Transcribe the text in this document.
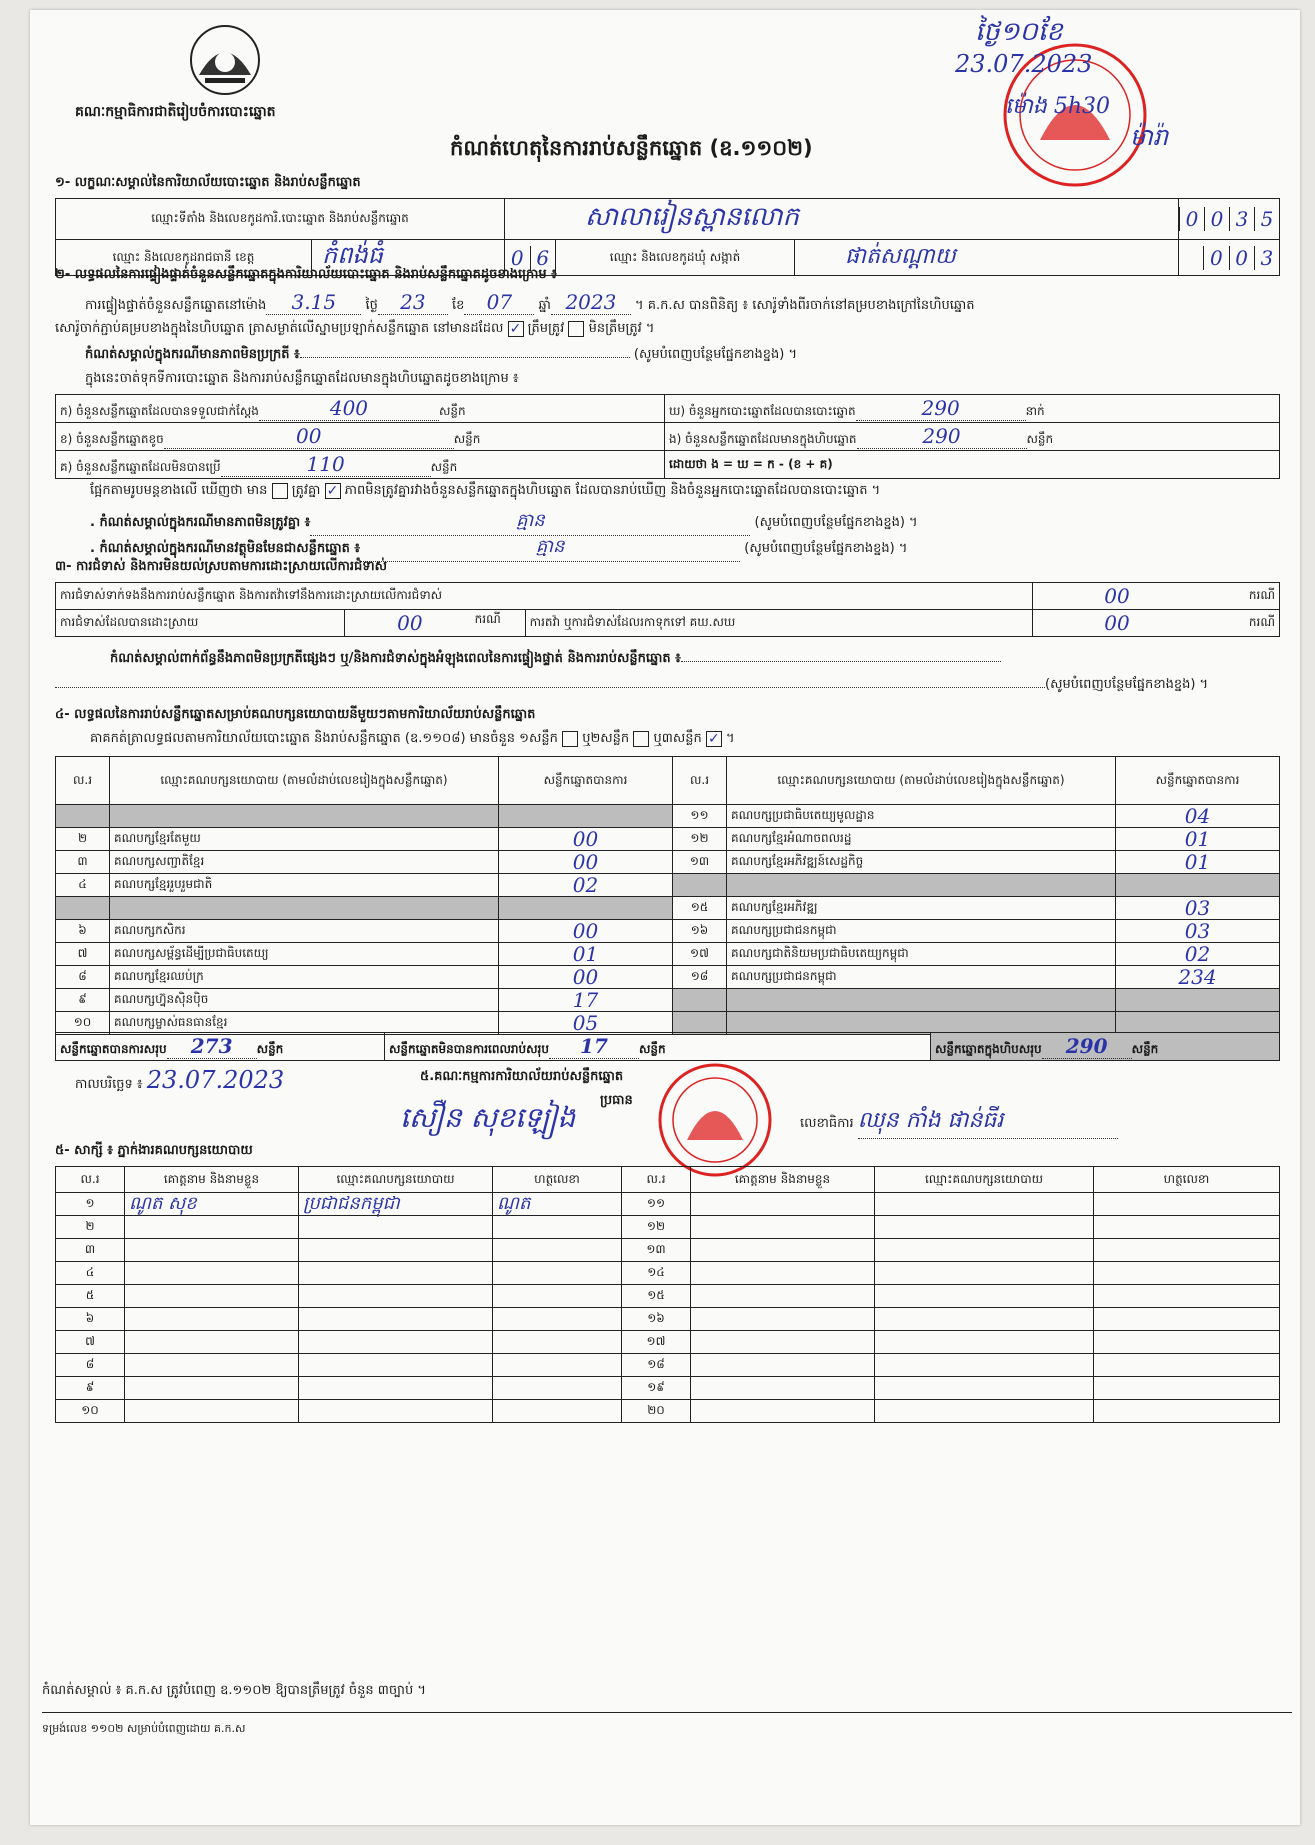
គណៈកម្មាធិការជាតិរៀបចំការបោះឆ្នោត
កំណត់ហេតុនៃការរាប់សន្លឹកឆ្នោត (ឧ.១១០២)
ថ្ងៃ១០ខែ
23.07.2023
ម៉ោង 5h30
ម៉ារ៉ា
១- លក្ខណៈសម្គាល់នៃការិយាល័យបោះឆ្នោត និងរាប់សន្លឹកឆ្នោត
ឈ្មោះទីតាំង និងលេខកូដការិ.បោះឆ្នោត និងរាប់សន្លឹកឆ្នោត	សាលារៀនស្ពានលោក			0 0 3 5

ឈ្មោះ និងលេខកូដរាជធានី ខេត្ត កំពង់ធំ	0 6	ឈ្មោះ និងលេខកូដឃុំ សង្កាត់	ផាត់សណ្ដាយ	0 0 3
២- លទ្ធផលនៃការផ្ទៀងផ្ទាត់ចំនួនសន្លឹកឆ្នោតក្នុងការិយាល័យបោះឆ្នោត និងរាប់សន្លឹកឆ្នោតដូចខាងក្រោម ៖
ការផ្ទៀងផ្ទាត់ចំនួនសន្លឹកឆ្នោតនៅម៉ោង 3.15 ថ្ងៃ 23 ខែ 07 ឆ្នាំ 2023 ។ គ.ក.ស បានពិនិត្យ ៖ សោរ៉ូទាំងពីរចាក់នៅគម្របខាងក្រៅនៃហិបឆ្នោត
សោរ៉ូចាក់ភ្ជាប់គម្របខាងក្នុងនៃហិបឆ្នោត ត្រាសម្ងាត់លើស្នាមប្រឡាក់សន្លឹកឆ្នោត នៅមានដដែល ✓ ត្រឹមត្រូវ មិនត្រឹមត្រូវ ។
កំណត់សម្គាល់ក្នុងករណីមានភាពមិនប្រក្រតី ៖	(សូមបំពេញបន្ថែមផ្នែកខាងខ្នង) ។
ក្នុងនេះចាត់ទុកទីការបោះឆ្នោត និងការរាប់សន្លឹកឆ្នោតដែលមានក្នុងហិបឆ្នោតដូចខាងក្រោម ៖
ក) ចំនួនសន្លឹកឆ្នោតដែលបានទទួលជាក់ស្ដែង 400 សន្លឹក	ឃ) ចំនួនអ្នកបោះឆ្នោតដែលបានបោះឆ្នោត 290 នាក់
ខ) ចំនួនសន្លឹកឆ្នោតខូច 00 សន្លឹក	ង) ចំនួនសន្លឹកឆ្នោតដែលមានក្នុងហិបឆ្នោត 290 សន្លឹក
គ) ចំនួនសន្លឹកឆ្នោតដែលមិនបានប្រើ 110 សន្លឹក	ដោយថា ង = ឃ = ក - (ខ + គ)
ផ្អែកតាមរូបមន្តខាងលើ ឃើញថា មាន ត្រូវគ្នា ✓ ភាពមិនត្រូវគ្នារវាងចំនួនសន្លឹកឆ្នោតក្នុងហិបឆ្នោត ដែលបានរាប់ឃើញ និងចំនួនអ្នកបោះឆ្នោតដែលបានបោះឆ្នោត ។
. កំណត់សម្គាល់ក្នុងករណីមានភាពមិនត្រូវគ្នា ៖	គ្មាន	(សូមបំពេញបន្ថែមផ្នែកខាងខ្នង) ។
. កំណត់សម្គាល់ក្នុងករណីមានវត្ថុមិនមែនជាសន្លឹកឆ្នោត ៖	គ្មាន	(សូមបំពេញបន្ថែមផ្នែកខាងខ្នង) ។
៣- ការជំទាស់ និងការមិនយល់ស្របតាមការដោះស្រាយលើការជំទាស់
ការជំទាស់ទាក់ទងនឹងការរាប់សន្លឹកឆ្នោត និងការតវ៉ាទៅនឹងការដោះស្រាយលើការជំទាស់			00	ករណី
ការជំទាស់ដែលបានដោះស្រាយ	00 ករណី	ការតវ៉ា ឬការជំទាស់ដែលរកាទុកទៅ គឃ.សឃ	00	ករណី
កំណត់សម្គាល់ពាក់ព័ន្ធនឹងភាពមិនប្រក្រតីផ្សេងៗ ឬ/និងការជំទាស់ក្នុងអំឡុងពេលនៃការផ្ទៀងផ្ទាត់ និងការរាប់សន្លឹកឆ្នោត ៖
(សូមបំពេញបន្ថែមផ្នែកខាងខ្នង) ។
៤- លទ្ធផលនៃការរាប់សន្លឹកឆ្នោតសម្រាប់គណបក្សនយោបាយនីមួយៗតាមការិយាល័យរាប់សន្លឹកឆ្នោត
គាគកត់ត្រាលទ្ធផលតាមការិយាល័យបោះឆ្នោត និងរាប់សន្លឹកឆ្នោត (ឧ.១១០៨) មានចំនួន ១សន្លឹក ឬ២សន្លឹក ឬ៣សន្លឹក ✓ ។
ល.រ	ឈ្មោះគណបក្សនយោបាយ (តាមលំដាប់លេខរៀងក្នុងសន្លឹកឆ្នោត)	សន្លឹកឆ្នោតបានការ	ល.រ	ឈ្មោះគណបក្សនយោបាយ (តាមលំដាប់លេខរៀងក្នុងសន្លឹកឆ្នោត)	សន្លឹកឆ្នោតបានការ
			១១	គណបក្សប្រជាធិបតេយ្យមូលដ្ឋាន	04
២	គណបក្សខ្មែរតែមួយ	00	១២	គណបក្សខ្មែរអំណាចពលរដ្ឋ	01
៣	គណបក្សសញ្ជាតិខ្មែរ	00	១៣	គណបក្សខ្មែរអភិវឌ្ឍន៍សេដ្ឋកិច្ច	01
៤	គណបក្សខ្មែររួបរួមជាតិ	02			
			១៥	គណបក្សខ្មែរអភិវឌ្ឍ	03
៦	គណបក្សកសិករ	00	១៦	គណបក្សប្រជាជនកម្ពុជា	03
៧	គណបក្សសម្ព័ន្ធដើម្បីប្រជាធិបតេយ្យ	01	១៧	គណបក្សជាតិនិយមប្រជាធិបតេយ្យកម្ពុជា	02
៨	គណបក្សខ្មែរឈប់ក្រ	00	១៨	គណបក្សប្រជាជនកម្ពុជា	234
៩	គណបក្សហ្វ៊ុនស៊ិនប៉ិច	17			
១០	គណបក្សម្ចាស់ធនធានខ្មែរ	05			
សន្លឹកឆ្នោតបានការសរុប 273 សន្លឹក	សន្លឹកឆ្នោតមិនបានការពេលរាប់សរុប 17	សន្លឹក	សន្លឹកឆ្នោតក្នុងហិបសរុប 290 សន្លឹក
កាលបរិច្ឆេទ ៖ 23.07.2023	៥.គណៈកម្មការការិយាល័យរាប់សន្លឹកឆ្នោត
ប្រធាន
សឿន សុខឡៀង	លេខាធិការ ឈុន កាំង ផាន់ធីរ
៥- សាក្សី ៖ ភ្នាក់ងារគណបក្សនយោបាយ
ល.រ	គោត្តនាម និងនាមខ្លួន	ឈ្មោះគណបក្សនយោបាយ	ហត្ថលេខា	ល.រ	គោត្តនាម និងនាមខ្លួន	ឈ្មោះគណបក្សនយោបាយ	ហត្ថលេខា
១	ណូត សុខ	ប្រជាជនកម្ពុជា	ណូត	១១			
២				១២			
៣				១៣			
៤				១៤			
៥				១៥			
៦				១៦			
៧				១៧			
៨				១៨			
៩				១៩			
១០				២០			
កំណត់សម្គាល់ ៖ គ.ក.ស ត្រូវបំពេញ ឧ.១១០២ ឱ្យបានត្រឹមត្រូវ ចំនួន ៣ច្បាប់ ។
ទម្រង់លេខ ១១០២ សម្រាប់បំពេញដោយ គ.ក.ស
